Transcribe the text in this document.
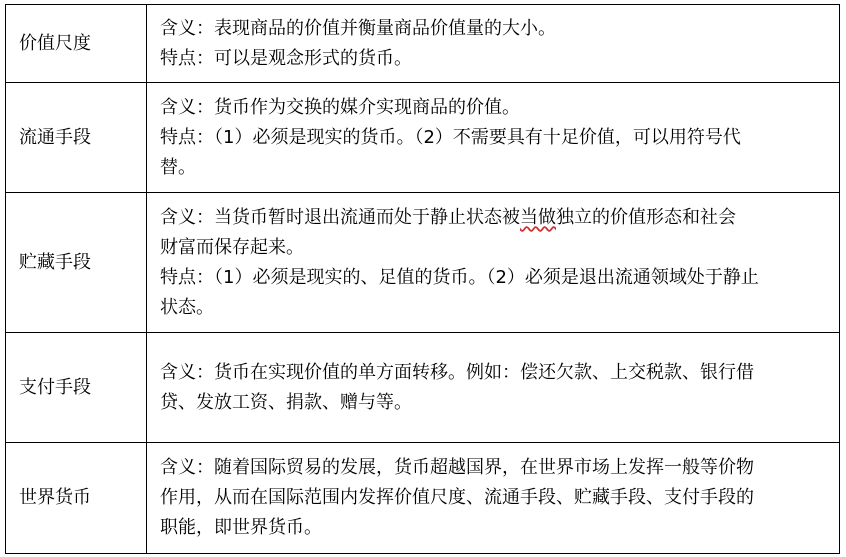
价值尺度	含义：表现商品的价值并衡量商品价值量的大小。
特点：可以是观念形式的货币。

流通手段	含义：货币作为交换的媒介实现商品的价值。
特点：（1）必须是现实的货币。（2）不需要具有十足价值，可以用符号代
替。

贮藏手段	含义：当货币暂时退出流通而处于静止状态被当做独立的价值形态和社会
财富而保存起来。
特点：（1）必须是现实的、足值的货币。（2）必须是退出流通领域处于静止
状态。

支付手段	含义：货币在实现价值的单方面转移。例如：偿还欠款、上交税款、银行借
贷、发放工资、捐款、赠与等。

世界货币	含义：随着国际贸易的发展，货币超越国界，在世界市场上发挥一般等价物
作用，从而在国际范围内发挥价值尺度、流通手段、贮藏手段、支付手段的
职能，即世界货币。
